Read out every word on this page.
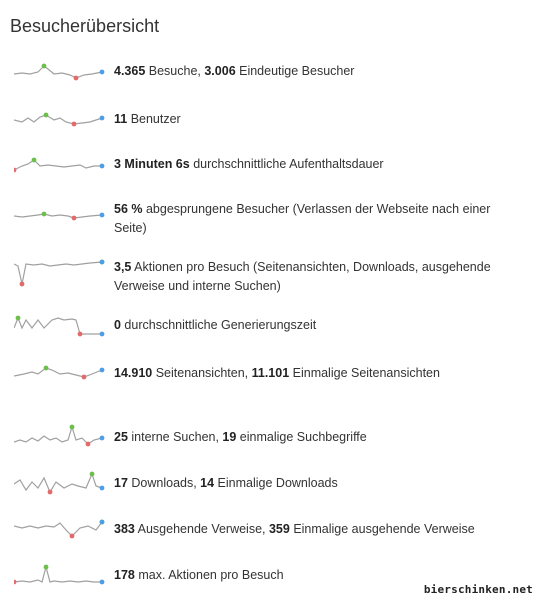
Besucherübersicht
4.365 Besuche, 3.006 Eindeutige Besucher
11 Benutzer
3 Minuten 6s durchschnittliche Aufenthaltsdauer
56 % abgesprungene Besucher (Verlassen der Webseite nach einer Seite)
3,5 Aktionen pro Besuch (Seitenansichten, Downloads, ausgehende Verweise und interne Suchen)
0 durchschnittliche Generierungszeit
14.910 Seitenansichten, 11.101 Einmalige Seitenansichten
25 interne Suchen, 19 einmalige Suchbegriffe
17 Downloads, 14 Einmalige Downloads
383 Ausgehende Verweise, 359 Einmalige ausgehende Verweise
178 max. Aktionen pro Besuch
bierschinken.net
